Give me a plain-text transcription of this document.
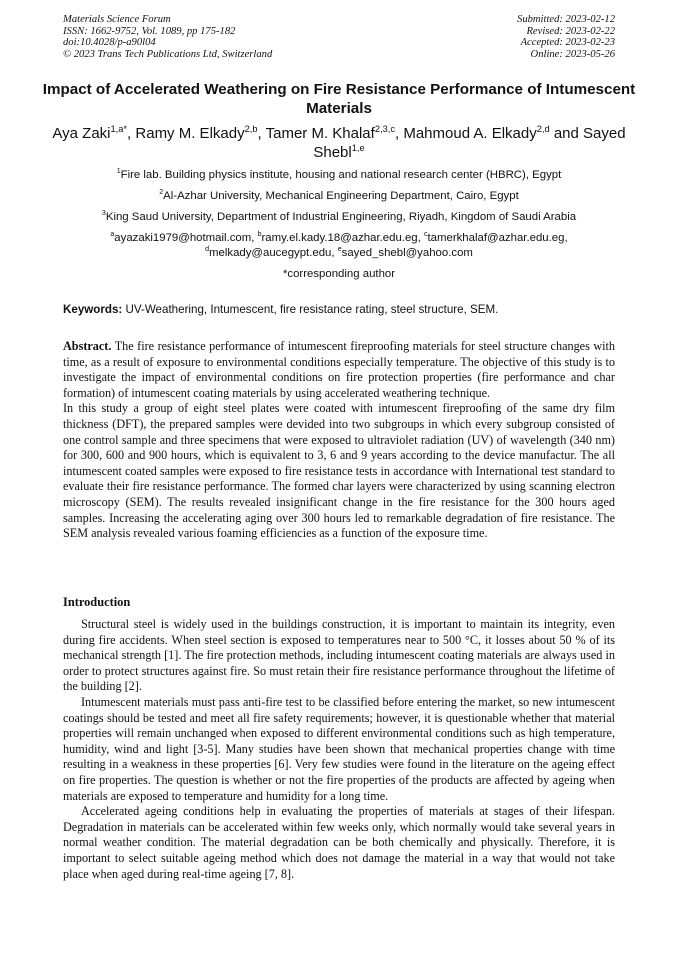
Materials Science Forum
ISSN: 1662-9752, Vol. 1089, pp 175-182
doi:10.4028/p-a90l04
© 2023 Trans Tech Publications Ltd, Switzerland
Submitted: 2023-02-12
Revised: 2023-02-22
Accepted: 2023-02-23
Online: 2023-05-26
Impact of Accelerated Weathering on Fire Resistance Performance of Intumescent Materials
Aya Zaki$^{1,a*}$, Ramy M. Elkady$^{2,b}$, Tamer M. Khalaf$^{2,3,c}$, Mahmoud A. Elkady$^{2,d}$ and Sayed Shebl$^{1,e}$
$^1$Fire lab. Building physics institute, housing and national research center (HBRC), Egypt
$^2$Al-Azhar University, Mechanical Engineering Department, Cairo, Egypt
$^3$King Saud University, Department of Industrial Engineering, Riyadh, Kingdom of Saudi Arabia
$^a$ayazaki1979@hotmail.com, $^b$ramy.el.kady.18@azhar.edu.eg, $^c$tamerkhalaf@azhar.edu.eg,
$^d$melkady@aucegypt.edu, $^e$sayed_shebl@yahoo.com
*corresponding author
Keywords: UV-Weathering, Intumescent, fire resistance rating, steel structure, SEM.

Abstract. The fire resistance performance of intumescent fireproofing materials for steel structure changes with time, as a result of exposure to environmental conditions especially temperature. The objective of this study is to investigate the impact of environmental conditions on fire protection properties (fire performance and char formation) of intumescent coating materials by using accelerated weathering technique.

In this study a group of eight steel plates were coated with intumescent fireproofing of the same dry film thickness (DFT), the prepared samples were devided into two subgroups in which every subgroup consisted of one control sample and three specimens that were exposed to ultraviolet radiation (UV) of wavelength (340 nm) for 300, 600 and 900 hours, which is equivalent to 3, 6 and 9 years according to the device manufactur. The all intumescent coated samples were exposed to fire resistance tests in accordance with International test standard to evaluate their fire resistance performance. The formed char layers were characterized by using scanning electron microscopy (SEM). The results revealed insignificant change in the fire resistance for the 300 hours aged samples. Increasing the accelerating aging over 300 hours led to remarkable degradation of fire resistance. The SEM analysis revealed various foaming efficiencies as a function of the exposure time.

Introduction

Structural steel is widely used in the buildings construction, it is important to maintain its integrity, even during fire accidents. When steel section is exposed to temperatures near to 500 °C, it losses about 50 % of its mechanical strength [1]. The fire protection methods, including intumescent coating materials are always used in order to protect structures against fire. So must retain their fire resistance performance throughout the lifetime of the building [2].

Intumescent materials must pass anti-fire test to be classified before entering the market, so new intumescent coatings should be tested and meet all fire safety requirements; however, it is questionable whether that material properties will remain unchanged when exposed to different environmental conditions such as high temperature, humidity, wind and light [3-5]. Many studies have been shown that mechanical properties change with time resulting in a weakness in these properties [6]. Very few studies were found in the literature on the ageing effect on fire properties. The question is whether or not the fire properties of the products are affected by ageing when materials are exposed to temperature and humidity for a long time.

Accelerated ageing conditions help in evaluating the properties of materials at stages of their lifespan. Degradation in materials can be accelerated within few weeks only, which normally would take several years in normal weather condition. The material degradation can be both chemically and physically. Therefore, it is important to select suitable ageing method which does not damage the material in a way that would not take place when aged during real-time ageing [7, 8].
